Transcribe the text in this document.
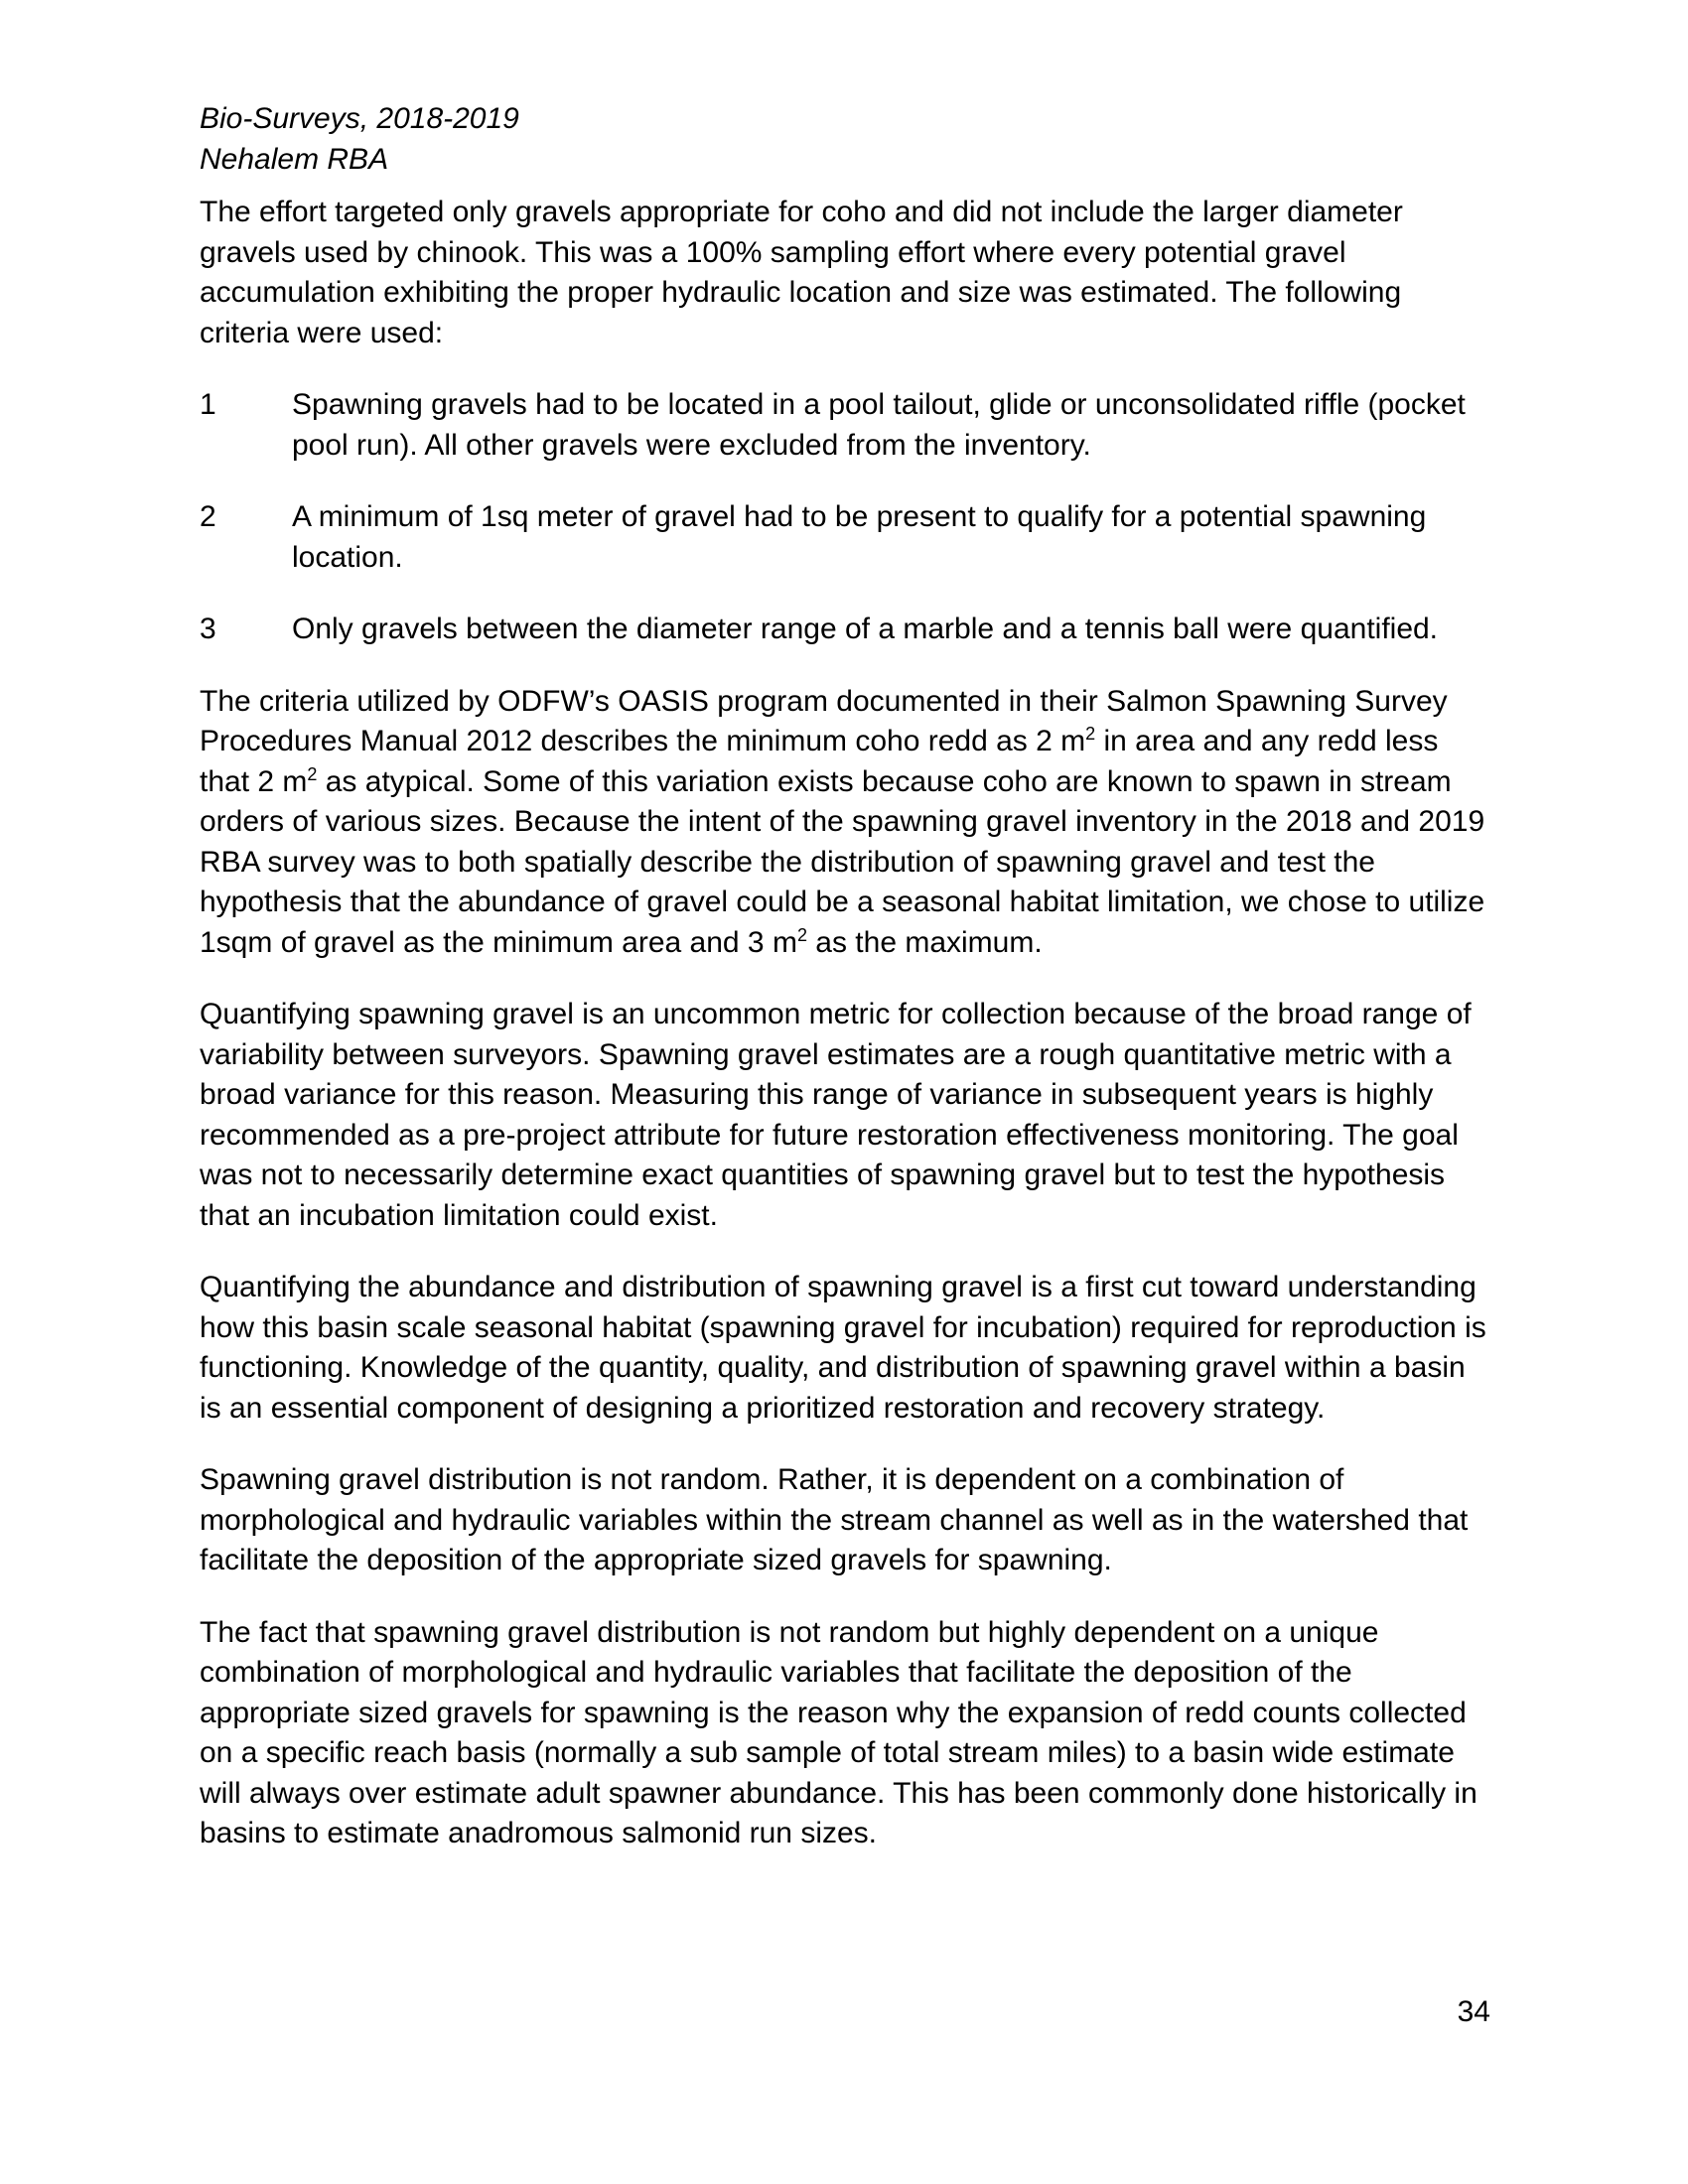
Bio-Surveys, 2018-2019
Nehalem RBA

The effort targeted only gravels appropriate for coho and did not include the larger diameter gravels used by chinook. This was a 100% sampling effort where every potential gravel accumulation exhibiting the proper hydraulic location and size was estimated. The following criteria were used:

1	Spawning gravels had to be located in a pool tailout, glide or unconsolidated riffle (pocket pool run). All other gravels were excluded from the inventory.
2	A minimum of 1sq meter of gravel had to be present to qualify for a potential spawning location.
3	Only gravels between the diameter range of a marble and a tennis ball were quantified.

The criteria utilized by ODFW’s OASIS program documented in their Salmon Spawning Survey Procedures Manual 2012 describes the minimum coho redd as 2 $m^2$ in area and any redd less that 2 $m^2$ as atypical. Some of this variation exists because coho are known to spawn in stream orders of various sizes. Because the intent of the spawning gravel inventory in the 2018 and 2019 RBA survey was to both spatially describe the distribution of spawning gravel and test the hypothesis that the abundance of gravel could be a seasonal habitat limitation, we chose to utilize 1sqm of gravel as the minimum area and 3 $m^2$ as the maximum.

Quantifying spawning gravel is an uncommon metric for collection because of the broad range of variability between surveyors. Spawning gravel estimates are a rough quantitative metric with a broad variance for this reason. Measuring this range of variance in subsequent years is highly recommended as a pre-project attribute for future restoration effectiveness monitoring. The goal was not to necessarily determine exact quantities of spawning gravel but to test the hypothesis that an incubation limitation could exist.

Quantifying the abundance and distribution of spawning gravel is a first cut toward understanding how this basin scale seasonal habitat (spawning gravel for incubation) required for reproduction is functioning. Knowledge of the quantity, quality, and distribution of spawning gravel within a basin is an essential component of designing a prioritized restoration and recovery strategy.

Spawning gravel distribution is not random. Rather, it is dependent on a combination of morphological and hydraulic variables within the stream channel as well as in the watershed that facilitate the deposition of the appropriate sized gravels for spawning.

The fact that spawning gravel distribution is not random but highly dependent on a unique combination of morphological and hydraulic variables that facilitate the deposition of the appropriate sized gravels for spawning is the reason why the expansion of redd counts collected on a specific reach basis (normally a sub sample of total stream miles) to a basin wide estimate will always over estimate adult spawner abundance. This has been commonly done historically in basins to estimate anadromous salmonid run sizes.

34
